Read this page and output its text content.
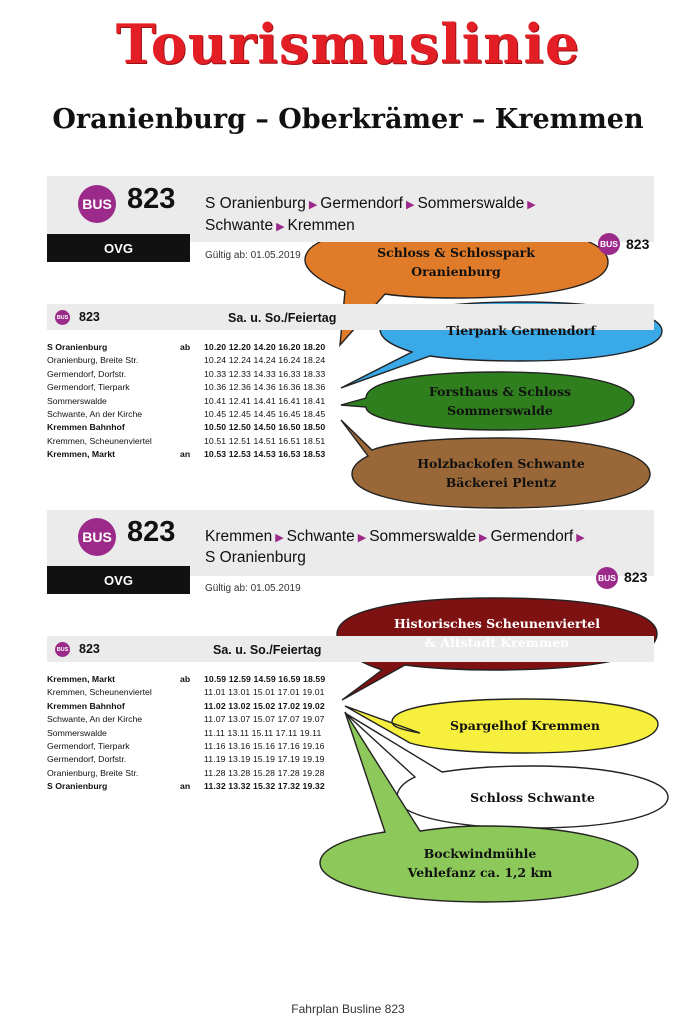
Tourismuslinie
Oranienburg – Oberkrämer – Kremmen
BUS 823 S Oranienburg ▶ Germendorf ▶ Sommerswalde ▶
Schwante ▶ Kremmen
OVG	Gültig ab: 01.05.2019
BUS 823
BUS 823	Sa. u. So./Feiertag
S Oranienburg	ab	10.20 12.20 14.20 16.20 18.20
Oranienburg, Breite Str.	10.24 12.24 14.24 16.24 18.24
Germendorf, Dorfstr.	10.33 12.33 14.33 16.33 18.33
Germendorf, Tierpark	10.36 12.36 14.36 16.36 18.36
Sommerswalde	10.41 12.41 14.41 16.41 18.41
Schwante, An der Kirche	10.45 12.45 14.45 16.45 18.45
Kremmen Bahnhof	10.50 12.50 14.50 16.50 18.50
Kremmen, Scheunenviertel	10.51 12.51 14.51 16.51 18.51
Kremmen, Markt	an	10.53 12.53 14.53 16.53 18.53
BUS 823 Kremmen ▶ Schwante ▶ Sommerswalde ▶ Germendorf ▶
S Oranienburg
OVG
Gültig ab: 01.05.2019
BUS 823
BUS 823	Sa. u. So./Feiertag
Kremmen, Markt	ab	10.59 12.59 14.59 16.59 18.59
Kremmen, Scheunenviertel	11.01 13.01 15.01 17.01 19.01
Kremmen Bahnhof	11.02 13.02 15.02 17.02 19.02
Schwante, An der Kirche	11.07 13.07 15.07 17.07 19.07
Sommerswalde	11.11 13.11 15.11 17.11 19.11
Germendorf, Tierpark	11.16 13.16 15.16 17.16 19.16
Germendorf, Dorfstr.	11.19 13.19 15.19 17.19 19.19
Oranienburg, Breite Str.	11.28 13.28 15.28 17.28 19.28
S Oranienburg	an	11.32 13.32 15.32 17.32 19.32
Schloss & Schlosspark
Oranienburg
Tierpark Germendorf
Forsthaus & Schloss
Sommerswalde
Holzbackofen Schwante
Bäckerei Plentz
Historisches Scheunenviertel
& Altstadt Kremmen
Spargelhof Kremmen
Schloss Schwante
Bockwindmühle
Vehlefanz ca. 1,2 km
Fahrplan Busline 823
